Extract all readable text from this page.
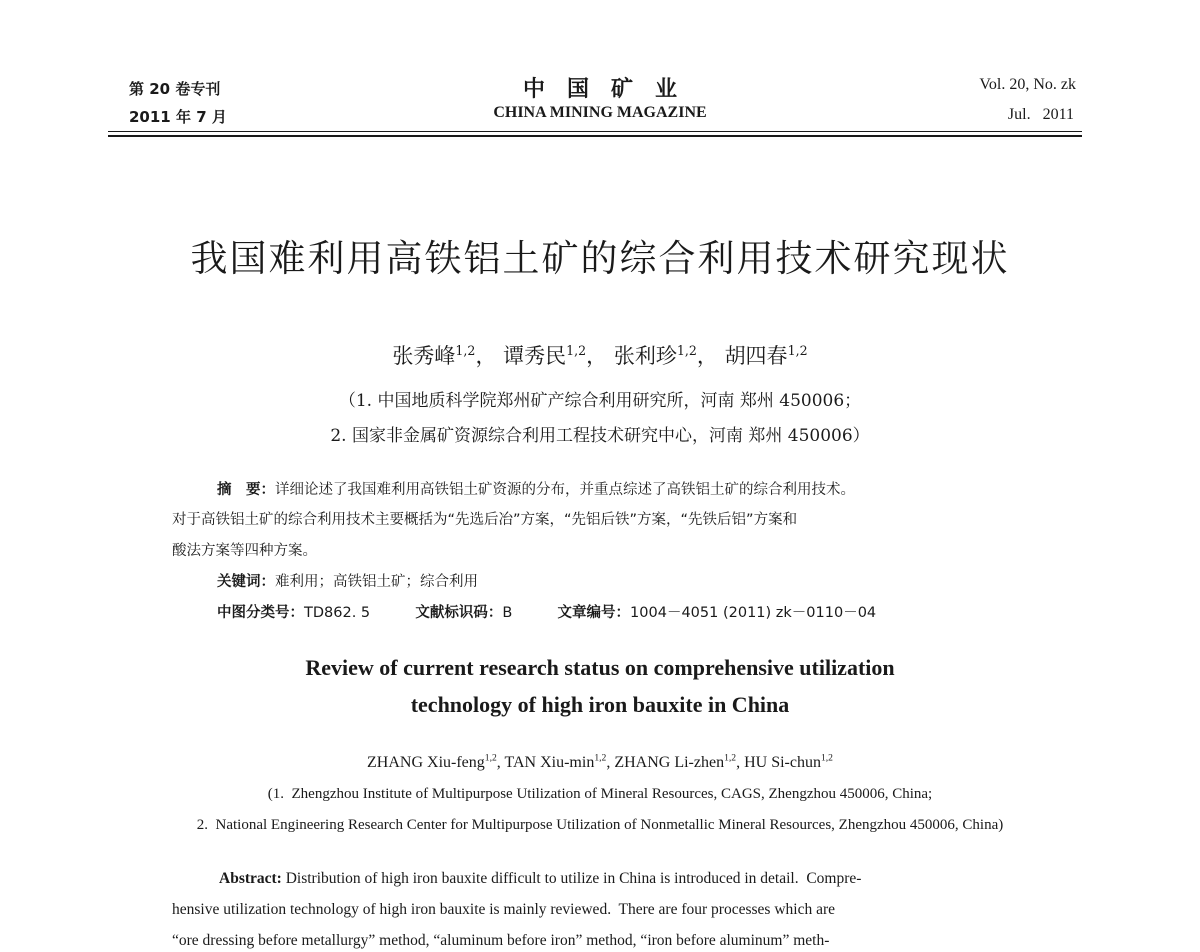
第 20 卷专刊
2011 年 7 月
中国矿业
CHINA MINING MAGAZINE
Vol. 20, No. zk
Jul.   2011
我国难利用高铁铝土矿的综合利用技术研究现状
张秀峰$^{1,2}$， 谭秀民$^{1,2}$， 张利珍$^{1,2}$， 胡四春$^{1,2}$
（1. 中国地质科学院郑州矿产综合利用研究所，河南 郑州 450006；
2. 国家非金属矿资源综合利用工程技术研究中心，河南 郑州 450006）
摘　要：详细论述了我国难利用高铁铝土矿资源的分布，并重点综述了高铁铝土矿的综合利用技术。
对于高铁铝土矿的综合利用技术主要概括为“先选后冶”方案，“先铝后铁”方案，“先铁后铝”方案和
酸法方案等四种方案。
关键词：难利用；高铁铝土矿；综合利用
中图分类号：TD862. 5	文献标识码：B	文章编号：1004－4051 (2011) zk－0110－04
Review of current research status on comprehensive utilization
technology of high iron bauxite in China
ZHANG Xiu-feng$^{1,2}$, TAN Xiu-$\min^{1,2}$, ZHANG Li-zhen$^{1,2}$, HU Si-chun$^{1,2}$
(1.  Zhengzhou Institute of Multipurpose Utilization of Mineral Resources, CAGS, Zhengzhou 450006, China;
2.  National Engineering Research Center for Multipurpose Utilization of Nonmetallic Mineral Resources, Zhengzhou 450006, China)
Abstract: Distribution of high iron bauxite difficult to utilize in China is introduced in detail.  Compre-
hensive utilization technology of high iron bauxite is mainly reviewed.  There are four processes which are
“ore dressing before metallurgy” method, “aluminum before iron” method, “iron before aluminum” meth-
